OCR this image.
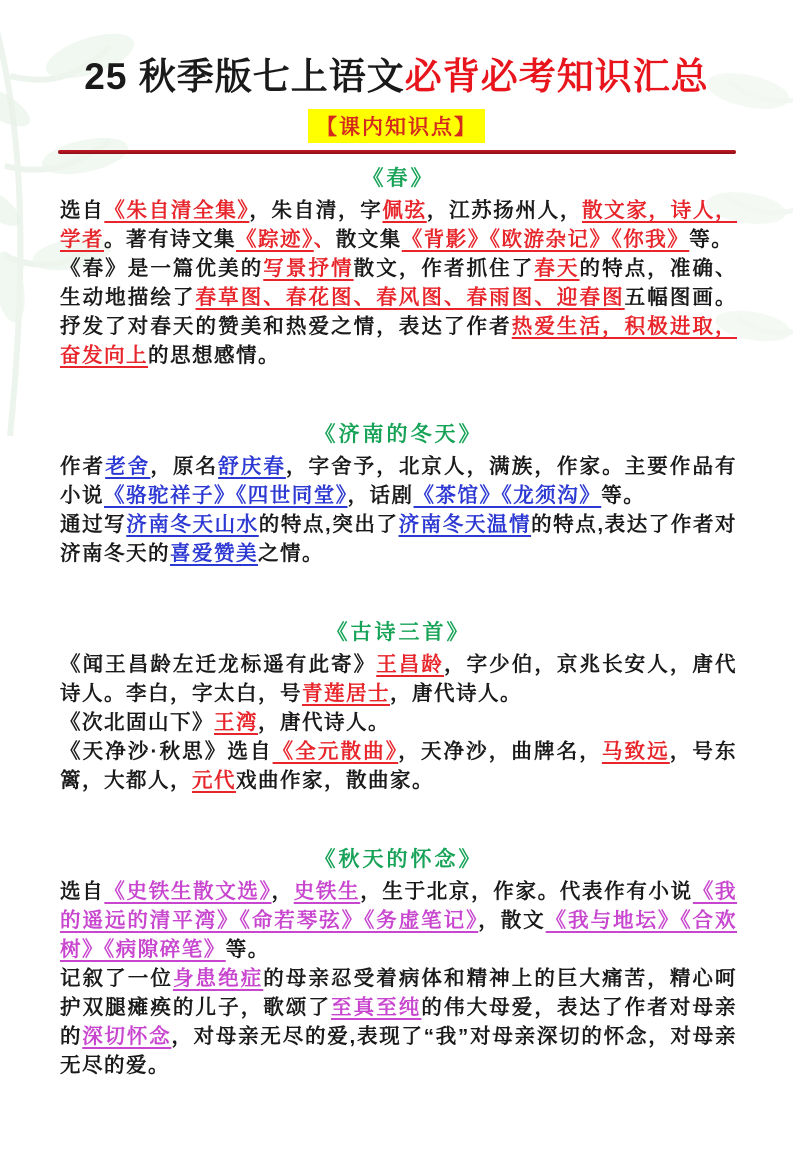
25 秋季版七上语文必背必考知识汇总
【课内知识点】
《春》

选自《朱自清全集》，朱自清，字佩弦，江苏扬州人，散文家，诗人，学者。著有诗文集《踪迹》、散文集《背影》《欧游杂记》《你我》等。

《春》是一篇优美的写景抒情散文，作者抓住了春天的特点，准确、生动地描绘了春草图、春花图、春风图、春雨图、迎春图五幅图画。抒发了对春天的赞美和热爱之情，表达了作者热爱生活，积极进取，奋发向上的思想感情。

《济南的冬天》

作者老舍，原名舒庆春，字舍予，北京人，满族，作家。主要作品有小说《骆驼祥子》《四世同堂》，话剧《茶馆》《龙须沟》等。

通过写济南冬天山水的特点,突出了济南冬天温情的特点,表达了作者对济南冬天的喜爱赞美之情。

《古诗三首》

《闻王昌龄左迁龙标遥有此寄》王昌龄，字少伯，京兆长安人，唐代诗人。李白，字太白，号青莲居士，唐代诗人。

《次北固山下》王湾，唐代诗人。

《天净沙·秋思》选自《全元散曲》，天净沙，曲牌名，马致远，号东篱，大都人，元代戏曲作家，散曲家。

《秋天的怀念》

选自《史铁生散文选》，史铁生，生于北京，作家。代表作有小说《我的遥远的清平湾》《命若琴弦》《务虚笔记》，散文《我与地坛》《合欢树》《病隙碎笔》等。

记叙了一位身患绝症的母亲忍受着病体和精神上的巨大痛苦，精心呵护双腿瘫痪的儿子，歌颂了至真至纯的伟大母爱，表达了作者对母亲的深切怀念，对母亲无尽的爱,表现了“我”对母亲深切的怀念，对母亲无尽的爱。
